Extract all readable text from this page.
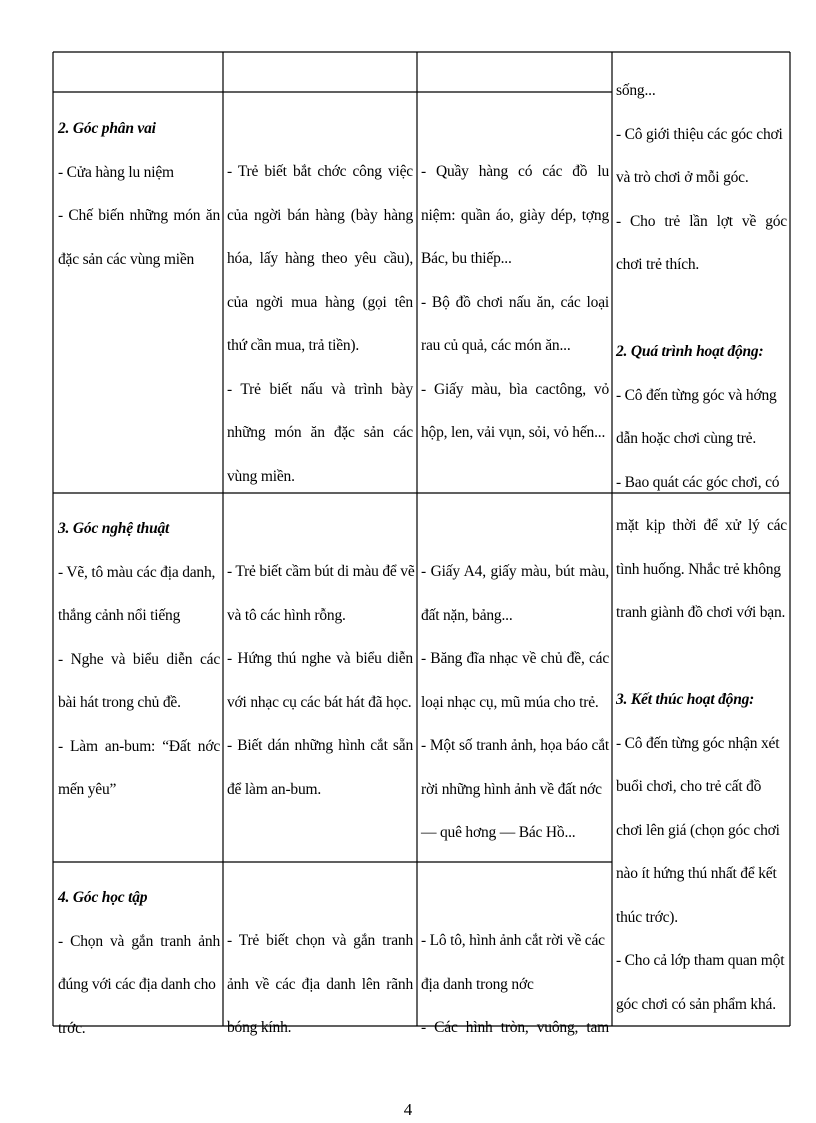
2. Góc phân vai
- Cửa hàng lu niệm
- Chế biến những món ăn
đặc sản các vùng miền
- Trẻ biết bắt chớc công việc
của ngời bán hàng (bày hàng
hóa, lấy hàng theo yêu cầu),
của ngời mua hàng (gọi tên
thứ cần mua, trả tiền).
- Trẻ biết nấu và trình bày
những món ăn đặc sản các
vùng miền.
- Quầy hàng có các đồ lu
niệm: quần áo, giày dép, tợng
Bác, bu thiếp...
- Bộ đồ chơi nấu ăn, các loại
rau củ quả, các món ăn...
- Giấy màu, bìa cactông, vỏ
hộp, len, vải vụn, sỏi, vỏ hến...
3. Góc nghệ thuật
- Vẽ, tô màu các địa danh,
thắng cảnh nổi tiếng
- Nghe và biểu diễn các
bài hát trong chủ đề.
- Làm an-bum: “Đất nớc
mến yêu”
- Trẻ biết cầm bút di màu để vẽ
và tô các hình rỗng.
- Hứng thú nghe và biểu diễn
với nhạc cụ các bát hát đã học.
- Biết dán những hình cắt sẵn
để làm an-bum.
- Giấy A4, giấy màu, bút màu,
đất nặn, bảng...
- Băng đĩa nhạc về chủ đề, các
loại nhạc cụ, mũ múa cho trẻ.
- Một số tranh ảnh, họa báo cắt
rời những hình ảnh về đất nớc
— quê hơng — Bác Hồ...
4. Góc học tập
- Chọn và gắn tranh ảnh
đúng với các địa danh cho
trớc.
- Trẻ biết chọn và gắn tranh
ảnh về các địa danh lên rãnh
bóng kính.
- Lô tô, hình ảnh cắt rời về các
địa danh trong nớc
- Các hình tròn, vuông, tam
sống...
- Cô giới thiệu các góc chơi
và trò chơi ở mỗi góc.
- Cho trẻ lần lợt về góc
chơi trẻ thích.

2. Quá trình hoạt động:
- Cô đến từng góc và hớng
dẫn hoặc chơi cùng trẻ.
- Bao quát các góc chơi, có
mặt kịp thời để xử lý các
tình huống. Nhắc trẻ không
tranh giành đồ chơi với bạn.

3. Kết thúc hoạt động:
- Cô đến từng góc nhận xét
buổi chơi, cho trẻ cất đồ
chơi lên giá (chọn góc chơi
nào ít hứng thú nhất để kết
thúc trớc).
- Cho cả lớp tham quan một
góc chơi có sản phẩm khá.
4
